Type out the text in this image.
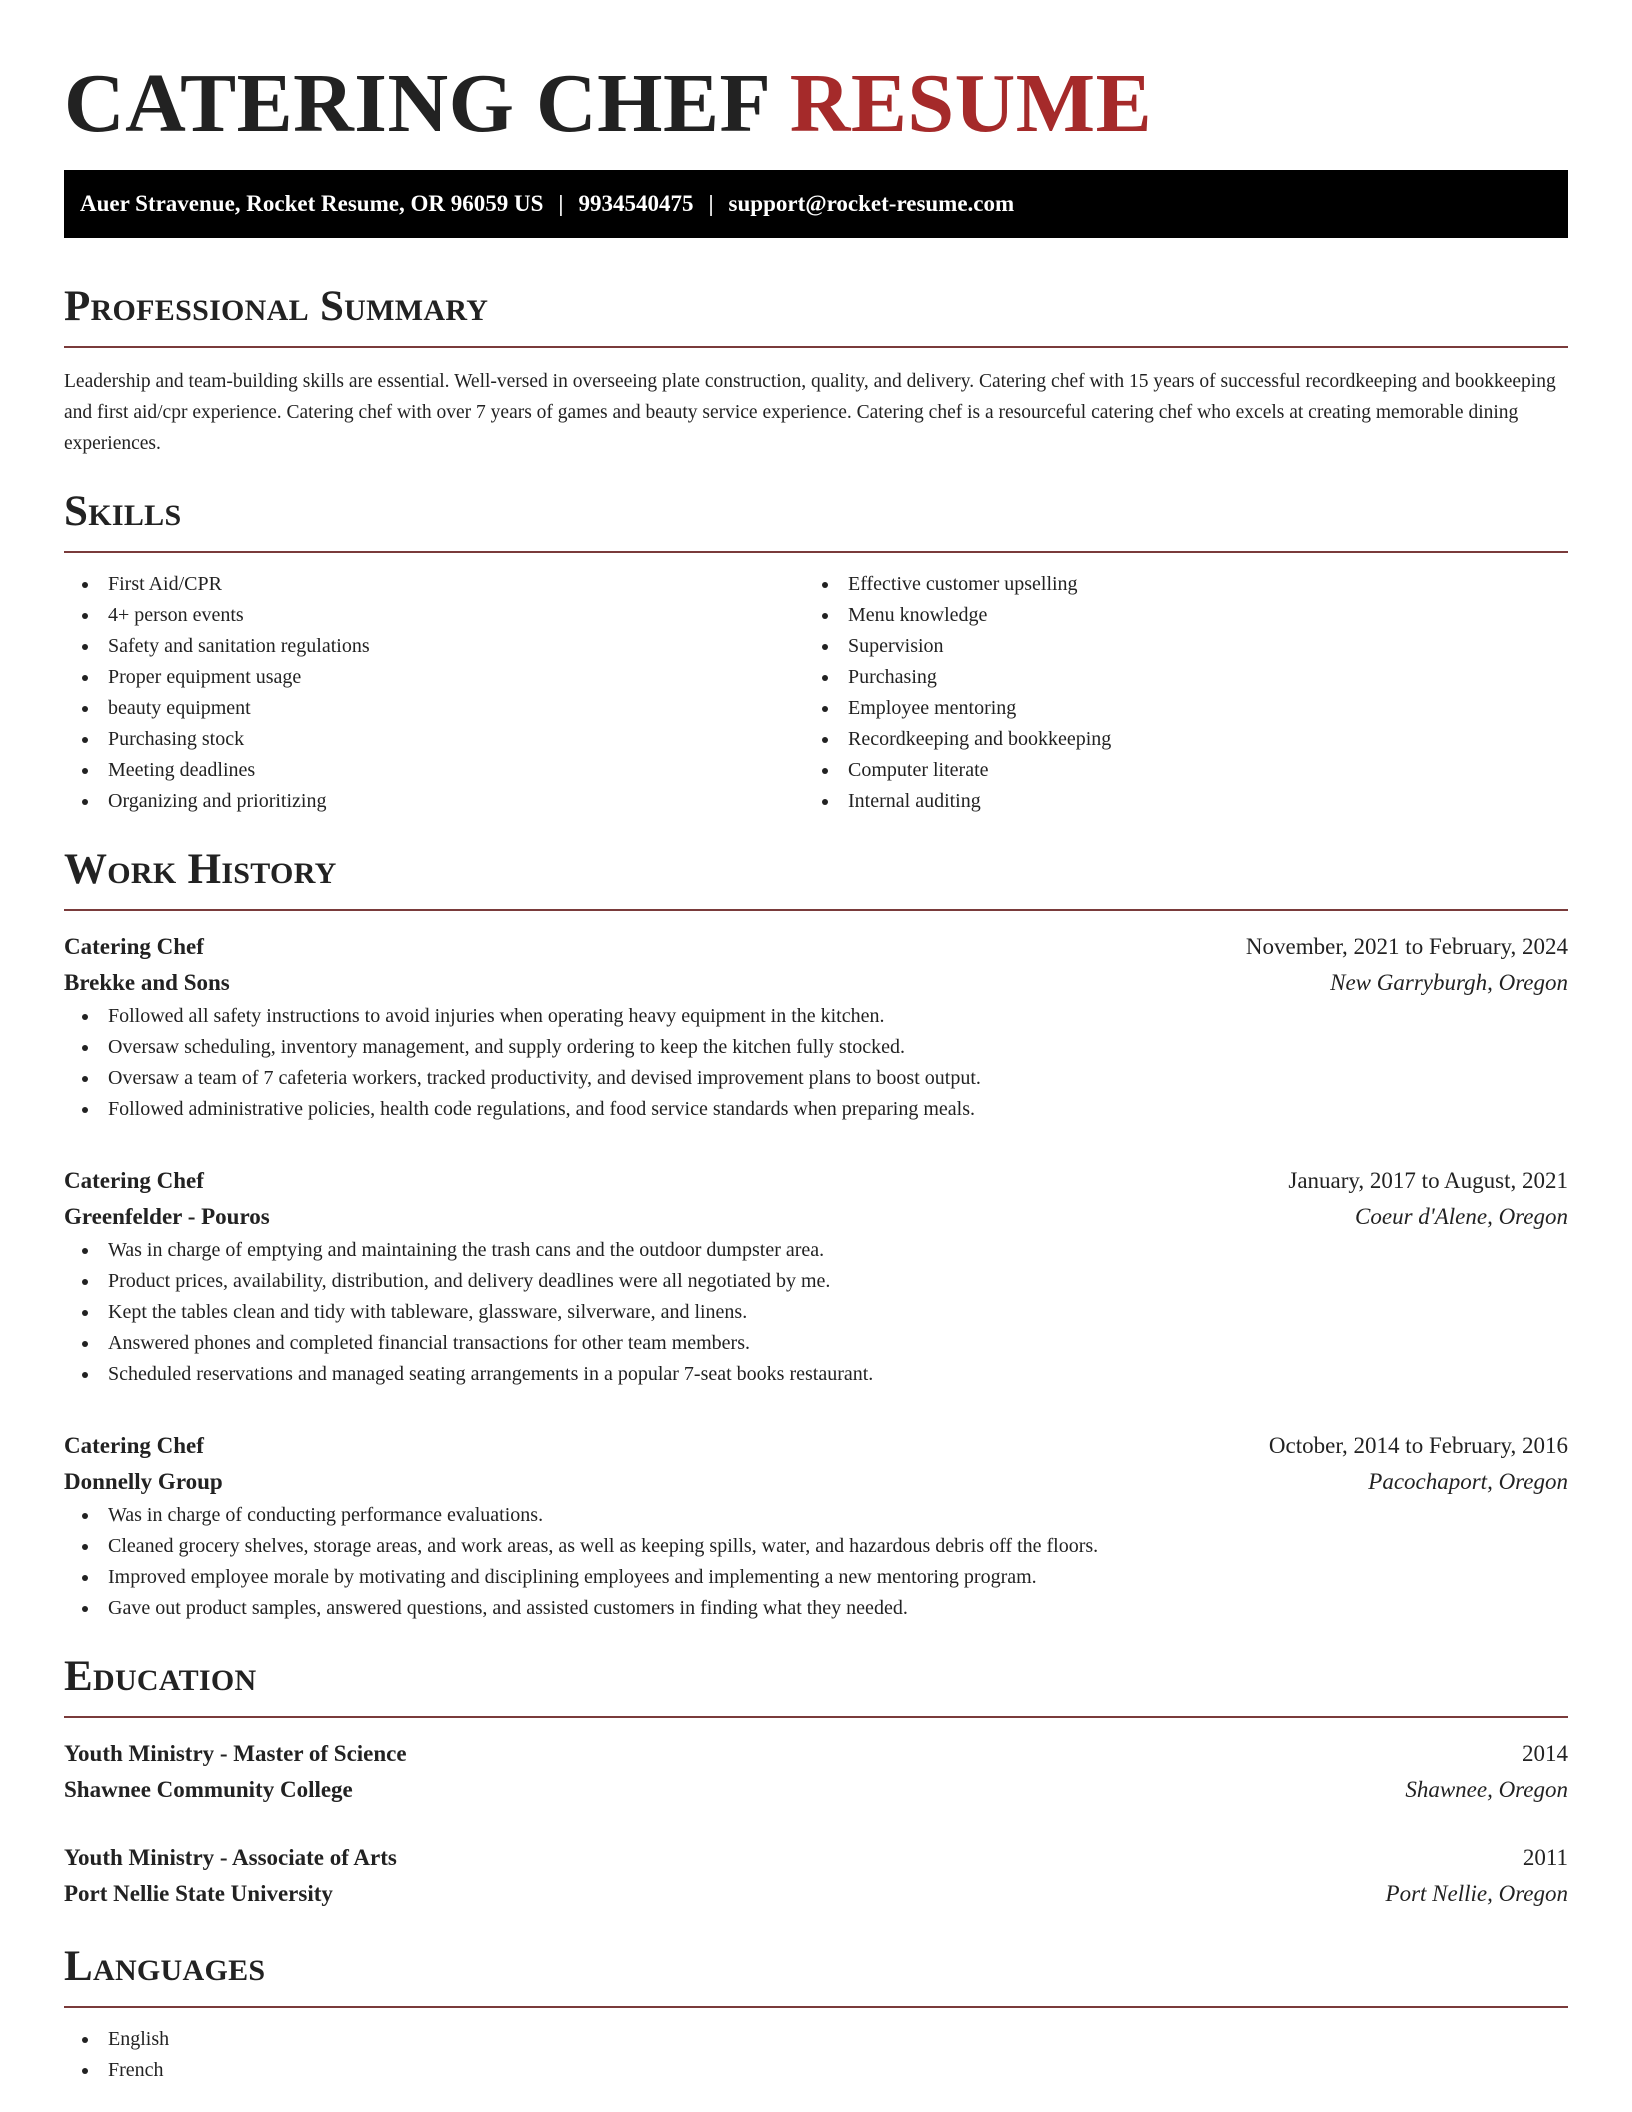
CATERING CHEF RESUME
Auer Stravenue, Rocket Resume, OR 96059 US | 9934540475 | support@rocket-resume.com
Professional Summary

Leadership and team-building skills are essential. Well-versed in overseeing plate construction, quality, and delivery. Catering chef with 15 years of successful recordkeeping and bookkeeping and first aid/cpr experience. Catering chef with over 7 years of games and beauty service experience. Catering chef is a resourceful catering chef who excels at creating memorable dining experiences.

Skills
First Aid/CPR
4+ person events
Safety and sanitation regulations
Proper equipment usage
beauty equipment
Purchasing stock
Meeting deadlines
Organizing and prioritizing
Effective customer upselling
Menu knowledge
Supervision
Purchasing
Employee mentoring
Recordkeeping and bookkeeping
Computer literate
Internal auditing
Work History
Catering Chef	November, 2021 to February, 2024
Brekke and Sons	New Garryburgh, Oregon
Followed all safety instructions to avoid injuries when operating heavy equipment in the kitchen.
Oversaw scheduling, inventory management, and supply ordering to keep the kitchen fully stocked.
Oversaw a team of 7 cafeteria workers, tracked productivity, and devised improvement plans to boost output.
Followed administrative policies, health code regulations, and food service standards when preparing meals.
Catering Chef	January, 2017 to August, 2021
Greenfelder - Pouros	Coeur d'Alene, Oregon
Was in charge of emptying and maintaining the trash cans and the outdoor dumpster area.
Product prices, availability, distribution, and delivery deadlines were all negotiated by me.
Kept the tables clean and tidy with tableware, glassware, silverware, and linens.
Answered phones and completed financial transactions for other team members.
Scheduled reservations and managed seating arrangements in a popular 7-seat books restaurant.
Catering Chef	October, 2014 to February, 2016
Donnelly Group	Pacochaport, Oregon
Was in charge of conducting performance evaluations.
Cleaned grocery shelves, storage areas, and work areas, as well as keeping spills, water, and hazardous debris off the floors.
Improved employee morale by motivating and disciplining employees and implementing a new mentoring program.
Gave out product samples, answered questions, and assisted customers in finding what they needed.
Education
Youth Ministry - Master of Science	2014
Shawnee Community College	Shawnee, Oregon
Youth Ministry - Associate of Arts	2011
Port Nellie State University	Port Nellie, Oregon
Languages
English
French
